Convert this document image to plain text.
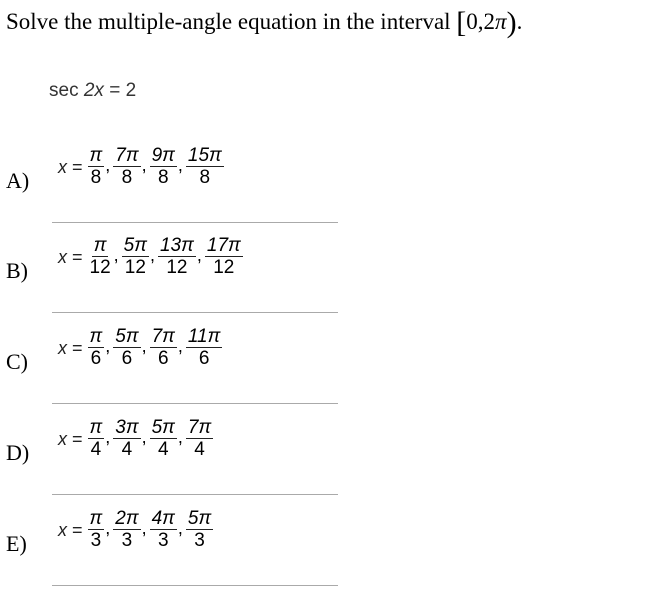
Solve the multiple-angle equation in the interval [0,2π).
sec 2x = 2
A)
$x = \frac{\pi}{8}$ , $\frac{7\pi}{8}$ , $\frac{9\pi}{8}$ , $\frac{15\pi}{8}$
B)
$x = \frac{\pi}{12}$ , $\frac{5\pi}{12}$ , $\frac{13\pi}{12}$ , $\frac{17\pi}{12}$
C)
$x = \frac{\pi}{6}$ , $\frac{5\pi}{6}$ , $\frac{7\pi}{6}$ , $\frac{11\pi}{6}$
D)
$x = \frac{\pi}{4}$ , $\frac{3\pi}{4}$ , $\frac{5\pi}{4}$ , $\frac{7\pi}{4}$
E)
$x = \frac{\pi}{3}$ , $\frac{2\pi}{3}$ , $\frac{4\pi}{3}$ , $\frac{5\pi}{3}$
